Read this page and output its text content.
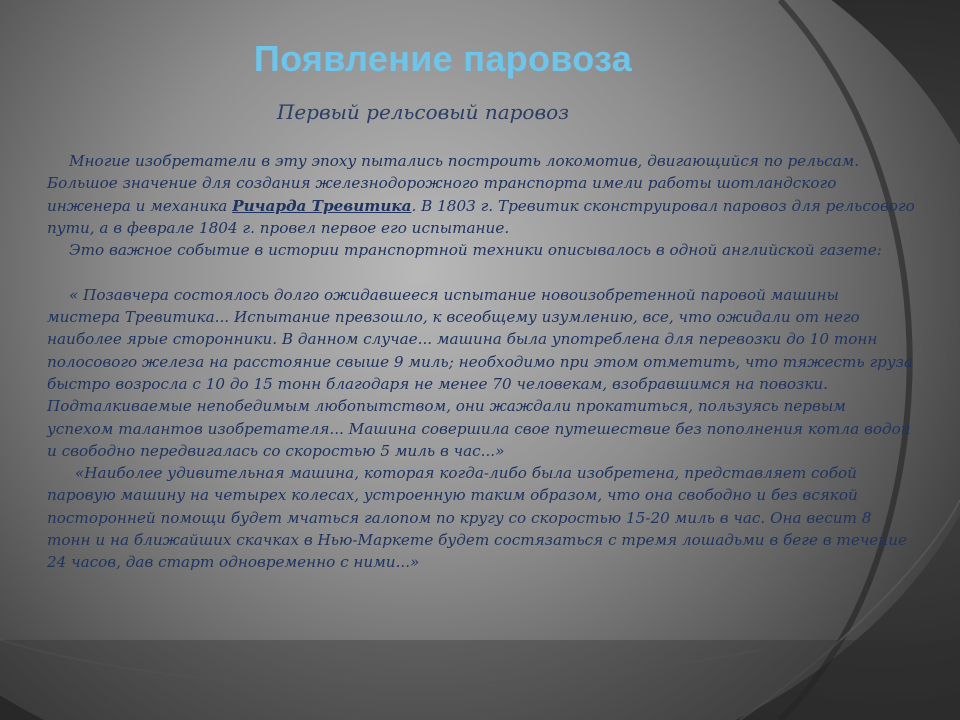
Появление паровоза
Первый рельсовый паровоз

Многие изобретатели в эту эпоху пытались построить локомотив, двигающийся по рельсам. Большое значение для создания железнодорожного транспорта имели работы шотландского инженера и механика Ричарда Тревитика. В 1803 г. Тревитик сконструировал паровоз для рельсового пути, а в феврале 1804 г. провел первое его испытание.

Это важное событие в истории транспортной техники описывалось в одной английской газете:

« Позавчера состоялось долго ожидавшееся испытание новоизобретенной паровой машины мистера Тревитика... Испытание превзошло, к всеобщему изумлению, все, что ожидали от него наиболее ярые сторонники. В данном случае... машина была употреблена для перевозки до 10 тонн полосового железа на расстояние свыше 9 миль; необходимо при этом отметить, что тяжесть груза быстро возросла с 10 до 15 тонн благодаря не менее 70 человекам, взобравшимся на повозки. Подталкиваемые непобедимым любопытством, они жаждали прокатиться, пользуясь первым успехом талантов изобретателя... Машина совершила свое путешествие без пополнения котла водой и свободно передвигалась со скоростью 5 миль в час...»

«Наиболее удивительная машина, которая когда-либо была изобретена, представляет собой паровую машину на четырех колесах, устроенную таким образом, что она свободно и без всякой посторонней помощи будет мчаться галопом по кругу со скоростью 15-20 миль в час. Она весит 8 тонн и на ближайших скачках в Нью-Маркете будет состязаться с тремя лошадьми в беге в течение 24 часов, дав старт одновременно с ними...»
